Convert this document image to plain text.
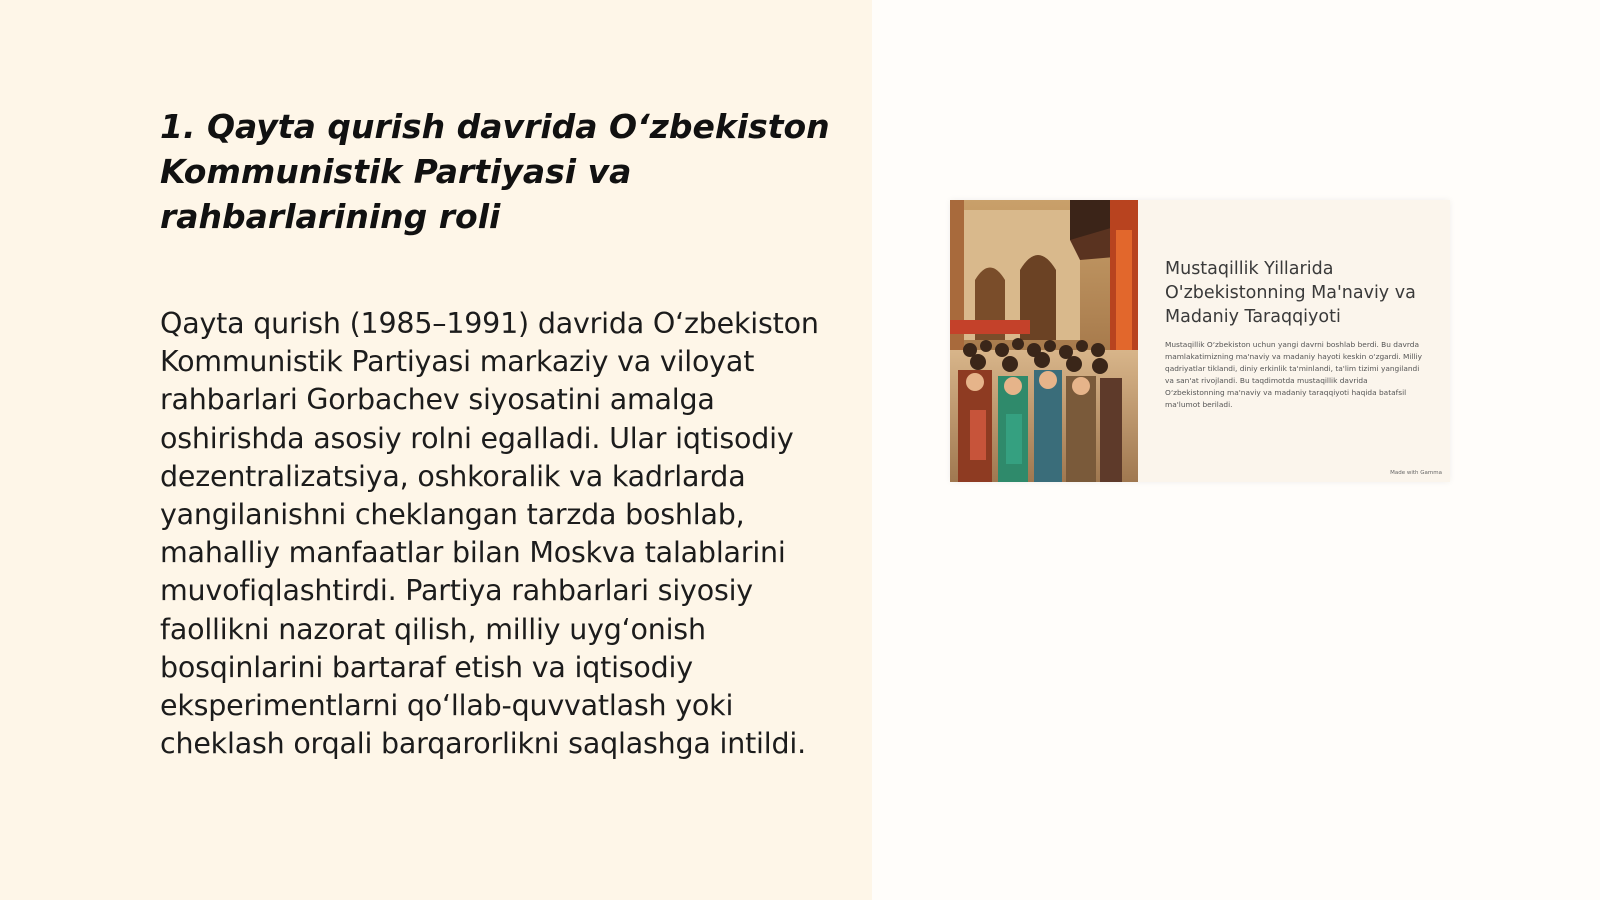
1. Qayta qurish davrida O‘zbekiston Kommunistik Partiyasi va rahbarlarining roli

Qayta qurish (1985–1991) davrida O‘zbekiston Kommunistik Partiyasi markaziy va viloyat rahbarlari Gorbachev siyosatini amalga oshirishda asosiy rolni egalladi. Ular iqtisodiy dezentralizatsiya, oshkoralik va kadrlarda yangilanishni cheklangan tarzda boshlab, mahalliy manfaatlar bilan Moskva talablarini muvofiqlashtirdi. Partiya rahbarlari siyosiy faollikni nazorat qilish, milliy uyg‘onish bosqinlarini bartaraf etish va iqtisodiy eksperimentlarni qo‘llab-quvvatlash yoki cheklash orqali barqarorlikni saqlashga intildi.

Mustaqillik Yillarida O'zbekistonning Ma'naviy va Madaniy Taraqqiyoti

Mustaqillik O‘zbekiston uchun yangi davrni boshlab berdi. Bu davrda mamlakatimizning ma'naviy va madaniy hayoti keskin o‘zgardi. Milliy qadriyatlar tiklandi, diniy erkinlik ta'minlandi, ta'lim tizimi yangilandi va san'at rivojlandi. Bu taqdimotda mustaqillik davrida O‘zbekistonning ma'naviy va madaniy taraqqiyoti haqida batafsil ma'lumot beriladi.

Made with Gamma
